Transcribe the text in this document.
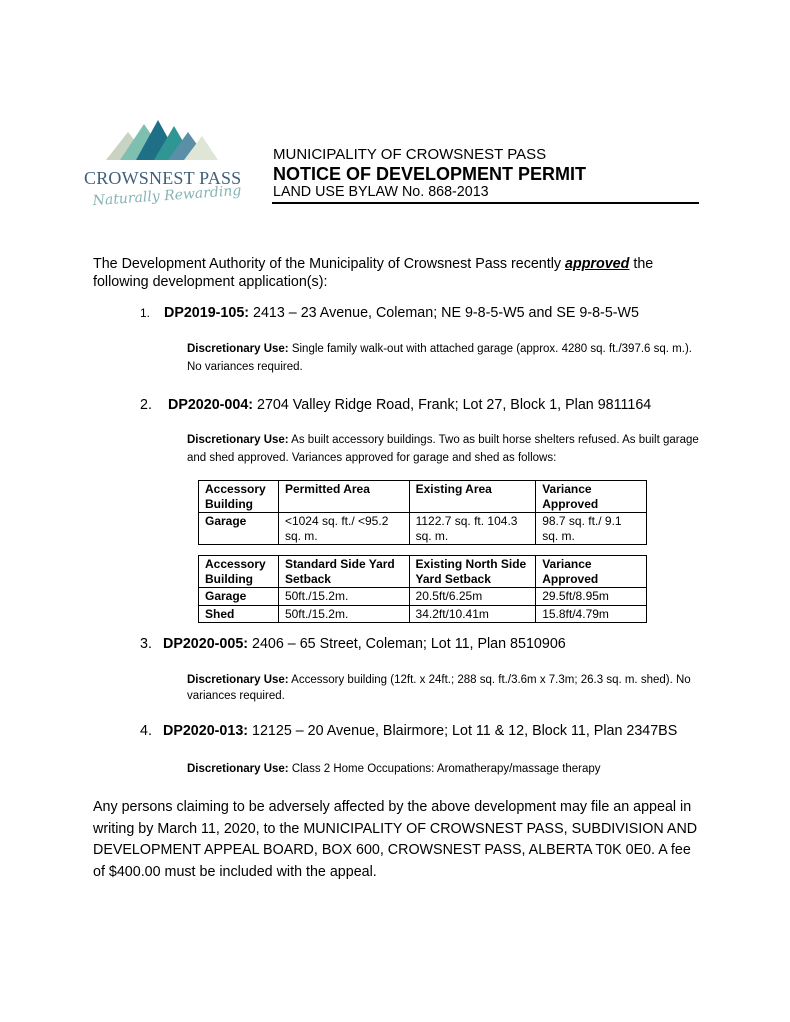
CROWSNEST PASS
Naturally Rewarding
MUNICIPALITY OF CROWSNEST PASS
NOTICE OF DEVELOPMENT PERMIT
LAND USE BYLAW No. 868-2013
The Development Authority of the Municipality of Crowsnest Pass recently approved the following development application(s):
1. DP2019-105: 2413 – 23 Avenue, Coleman; NE 9-8-5-W5 and SE 9-8-5-W5
Discretionary Use: Single family walk-out with attached garage (approx. 4280 sq. ft./397.6 sq. m.). No variances required.
2. DP2020-004: 2704 Valley Ridge Road, Frank; Lot 27, Block 1, Plan 9811164
Discretionary Use: As built accessory buildings. Two as built horse shelters refused. As built garage and shed approved. Variances approved for garage and shed as follows:
Accessory Building	Permitted Area	Existing Area	Variance Approved
Garage	<1024 sq. ft./ <95.2 sq. m.	1122.7 sq. ft. 104.3 sq. m.	98.7 sq. ft./ 9.1 sq. m.
Accessory Building	Standard Side Yard Setback	Existing North Side Yard Setback	Variance Approved
Garage	50ft./15.2m.	20.5ft/6.25m	29.5ft/8.95m
Shed	50ft./15.2m.	34.2ft/10.41m	15.8ft/4.79m
3. DP2020-005: 2406 – 65 Street, Coleman; Lot 11, Plan 8510906
Discretionary Use: Accessory building (12ft. x 24ft.; 288 sq. ft./3.6m x 7.3m; 26.3 sq. m. shed). No variances required.
4. DP2020-013: 12125 – 20 Avenue, Blairmore; Lot 11 & 12, Block 11, Plan 2347BS
Discretionary Use: Class 2 Home Occupations: Aromatherapy/massage therapy
Any persons claiming to be adversely affected by the above development may file an appeal in writing by March 11, 2020, to the MUNICIPALITY OF CROWSNEST PASS, SUBDIVISION AND DEVELOPMENT APPEAL BOARD, BOX 600, CROWSNEST PASS, ALBERTA T0K 0E0. A fee of $400.00 must be included with the appeal.
